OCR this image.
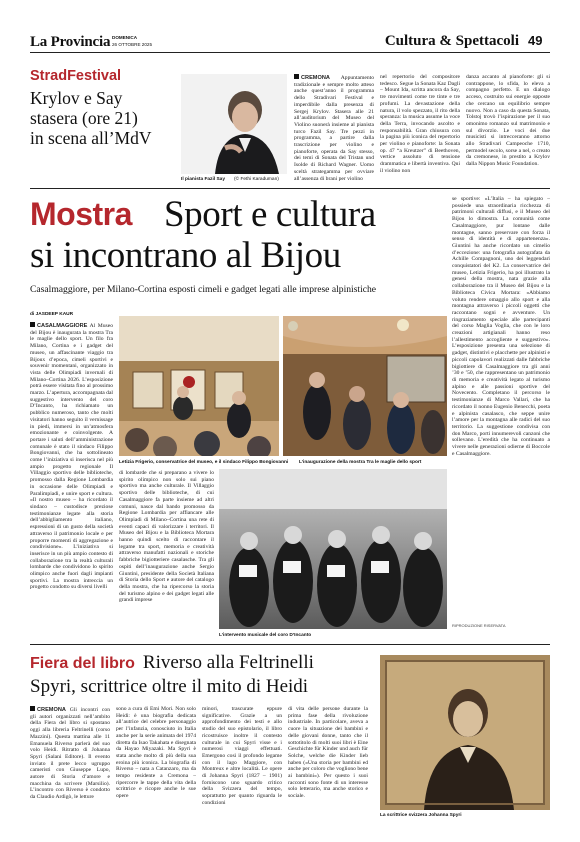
La Provincia DOMENICA
26 OTTOBRE 2025	Cultura & Spettacoli 49
StradFestival
Krylov e Say
stasera (ore 21)
in scena all’MdV
Il pianista Fazil Say (© Fethi Karaduman)
CREMONA Appuntamento tradizionale e sempre molto atteso anche quest’anno il programma dello Stradivari Festival e imperdibile dalla presenza di Sergej Krylov. Stasera alle 21 all’auditorium del Museo del Violino suonerà insieme al pianista turco Fazil Say. Tre pezzi in programma, a partire dalla trascrizione per violino e pianoforte, operata da Say stesso, dei temi di Sonata del Tristan und Isolde di Richard Wagner. Uomo sceltà strategamma per ovviare all’assenza di brani per violino
nel repertorio del compositore tedesco. Segue la Sonata Kaz Dagli – Mount Ida, scritta ancora da Say, tre movimenti come tre tinte e tre profumi. La devastazione della natura, il volo spezzato, il rito della speranza: la musica assume la voce della Terra, invocando ascolto e responsabilità. Gran chiusura con la pagina più iconica del repertorio per violino e pianoforte: la Sonata op. 47 “a Kreutzer” di Beethoven, vertice assoluto di tensione drammatica e libertà inventiva. Qui il violino non
danza accanto al pianoforte: gli si contrappone, lo sfida, lo eleva a compagno perfetto. E un dialogo acceso, costruito sui energie opposte che cercano un equilibrio sempre nuovo. Non a caso da questa Sonata, Tolstoj trovò l’ispirazione per il suo omonimo romanzo sul matrimonio e sul divorzio. Le voci dei due musicisti si intrecceranno attorno allo Stradivari Campeoche 1710, permodel secolo, sorse a nel, o creato da cremonese, in prestito a Krylov dalla Nippon Music Foundation.
Mostra Sport e cultura
si incontrano al Bijou
Casalmaggiore, per Milano-Cortina esposti cimeli e gadget legati alle imprese alpinistiche
se sportive: «L’Italia – ha spiegato – possiede una straordinaria ricchezza di patrimoni culturali diffusi, e il Museo del Bijou lo dimostra. La comunità come Casalmaggiore, pur lontane dalle montagne, sanno preservare con forza il senso di identità e di appartenenza». Giuntini ha anche ricordato un cimelio d’eccezione: una fotografia autografata da Achille Compagnoni, uno dei leggendari conquistatori del K2. La conservatrice del museo, Letizia Frigerio, ha poi illustrato la genesi della mostra, nata grazie alla collaborazione tra il Museo del Bijou e la Biblioteca Civica Mortara: «Abbiamo voluto rendere omaggio allo sport e alla montagna attraverso i piccoli oggetti che raccontano sogni e avventure. Un ringraziamento speciale alle partecipanti del corso Maglia Voglia, che con le loro creazioni artigianali hanno reso l’allestimento accogliente e suggestivo». L’esposizione presenta una selezione di gadget, distintivi e placchette per alpinisti e piccoli capolavori realizzati dalle fabbriche bigiottiere di Casalmaggiore tra gli anni ’30 e ’50, che rappresentano un patrimonio di memoria e creatività legato al turismo alpino e alle passioni sportive del Novecento. Completano il percorso le testimonianze di Marco Vallari, che ha ricordato il nonno Eugenio Benecchi, poeta e alpinista casalasco, che seppe unire l’amore per la montagna alle radici del suo territorio. La suggestione condivisa con don Marco, porti innumerevoli canzoni che sollevano. L’eredità che ha continuato a vivere nelle generazioni odierne di Boccole e Casalmaggiore.
di JASDEEP KAUR
CASALMAGGIORE Al Museo del Bijou è inaugurata la mostra Tra le maglie dello sport. Un filo fra Milano, Cortina e i gadget del museo, un affascinante viaggio tra Bijoux d’epoca, cimeli sportivi e souvenir momentani, organizzato in vista delle Olimpiadi invernali di Milano–Cortina 2026. L’esposizione potrà essere visitata fino al prossimo marzo. L’apertura, accompagnata dal suggestivo intervento del coro D’Incanto, ha richiamato un pubblico numeroso, tanto che molti visitatori hanno seguito il vernissage in piedi, immersi in un’atmosfera emozionante e coinvolgente. A portare i saluti dell’amministrazione comunale è stato il sindaco Filippo Bongiovanni, che ha sottolineato come l’iniziativa si inserisca nel più ampio progetto regionale Il Villaggio sportivo delle biblioteche, promosso dalla Regione Lombardia in occasione delle Olimpiadi e Paralimpiadi, e unire sport e cultura. «Il nostro museo – ha ricordato il sindaco – custodisce preziose testimonianze legate alla storia dell’abbigliamento italiano, espressioni di un gusto della società attraverso il patrimonio locale e per proporre momenti di aggregazione e condivisione». L’iniziativa si inserisce in un più ampio contesto di collaborazione tra la realtà culturali lombarde che condividono lo spirito olimpico anche fuori dagli impianti sportivi. La mostra intreccia un progetto condotto su diversi livelli
Letizia Frigerio, conservatrice del museo, e il sindaco Filippo Bongiovanni	L’inaugurazione della mostra Tra le maglie dello sport
di lombarde che si preparano a vivere lo spirito olimpico non solo sui piano sportivo ma anche culturale. Il Villaggio sportivo delle biblioteche, di cui Casalmaggiore fa parte insieme ad altri comuni, nasce dal bando promosso da Regione Lombardia per affiancare alle Olimpiadi di Milano–Cortina una rete di eventi capaci di valorizzare i territori. Il Museo del Bijou e la Biblioteca Mortara hanno quindi scelto di raccontare il legame tra sport, memoria e creatività attraverso manufatti nazionali e storiche fabbriche bigiotteriere casalasche. Tra gli ospiti dell’inaugurazione anche Sergio Giuntini, presidente della Società Italiana di Storia dello Sport e autore del catalogo della mostra, che ha ripercorso la storia del turismo alpino e dei gadget legati alle grandi imprese
L’intervento musicale del coro D’Incanto
RIPRODUZIONE RISERVATA
Fiera del libro Riverso alla Feltrinelli
Spyri, scrittrice oltre il mito di Heidi
CREMONA Gli incontri con gli autori organizzati nell’ambito della Fiera del libro si spostano oggi alla libreria Feltrinelli (corso Mazzini). Questa mattina alle 11 Emanuela Riverso parlerà del suo volo Heidi. Ritratto di Johanna Spyri (Salani Editore). Il evento inviato il prete lecco ugruppo cameristi con Giuseppe Lupo, autore di Storia d’amore e macchina da scrivere (Marsilio). L’incontro con Riverso è condotto da Claudio Ardigò, le letture
sono a cura di Emi Mori. Non solo Heidi: è una biografia dedicata all’autrice del celebre personaggio per l’infanzia, conosciuto in Italia anche per la serie animata del 1974 diretta da Isao Takahata e disegnata da Hayao Miyazaki. Ma Spyri è stata anche molto di più della sua eroina più iconica. La biografia di Riverso – nata a Catanzaro, ma da tempo residente a Cremona – ripercorre le tappe della vita della scrittrice e ricopre anche le sue opere
minori, trascurate eppure significative. Grazie a un approfondimento dei testi e allo studio del suo epistolario, il libro ricostruisce inoltre il contesto culturale in cui Spyri visse e i numerosi viaggi effettuati. Emergono così il profondo legame con il lago Maggiore, con Montreux e altre località. Le opere di Johanna Spyri (1827 – 1901) forniscono uno sguardo critico della Svizzera del tempo, soprattutto per quanto riguarda le condizioni
di vita delle persone durante la prima fase della rivoluzione industriale. In particolare, aveva a cuore la situazione dei bambini e delle giovani donne, tanto che il sottotitolo di molti suoi libri è Eine Geschichte für Kinder und auch für Solche, welche die Kinder lieb haben («Una storia per bambini ed anche per coloro che vogliono bene ai bambini»). Per questo i suoi racconti sono fonte di un interesse solo letterario, ma anche storico e sociale.
La scrittrice svizzera Johanna Spyri
